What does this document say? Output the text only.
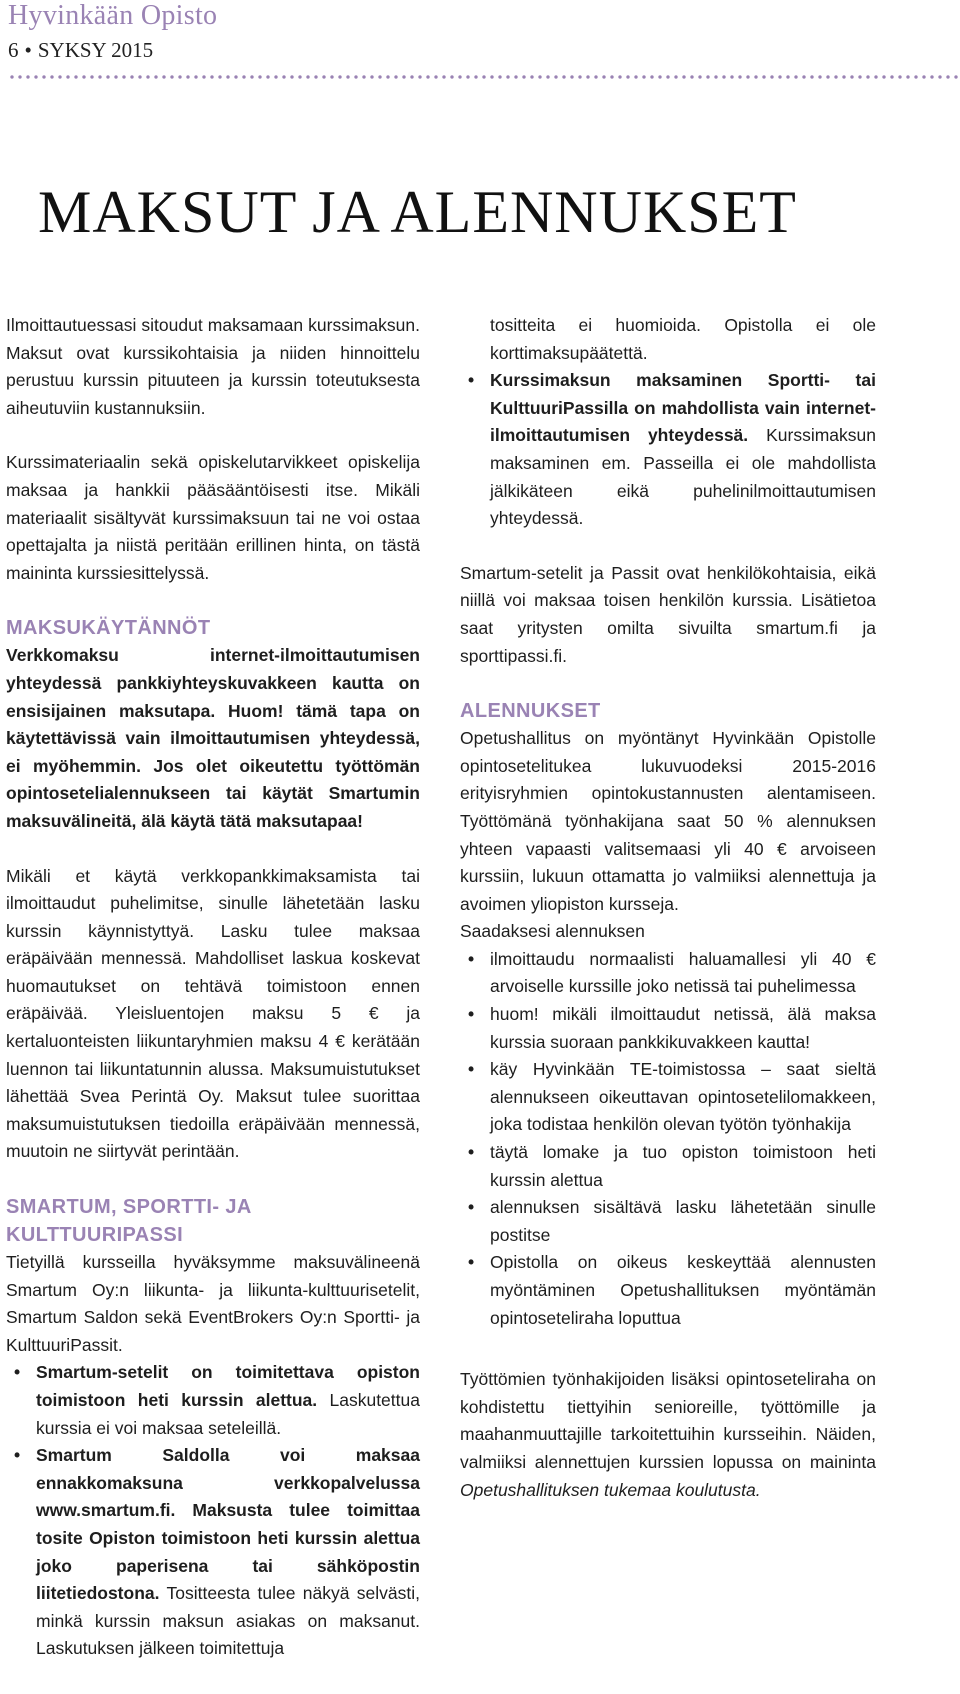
Hyvinkään Opisto
6 • SYKSY 2015
MAKSUT JA ALENNUKSET

Ilmoittautuessasi sitoudut maksamaan kurssimaksun. Maksut ovat kurssikohtaisia ja niiden hinnoittelu perustuu kurssin pituuteen ja kurssin toteutuksesta aiheutuviin kustannuksiin.

Kurssimateriaalin sekä opiskelutarvikkeet opiskelija maksaa ja hankkii pääsääntöisesti itse. Mikäli materiaalit sisältyvät kurssimaksuun tai ne voi ostaa opettajalta ja niistä peritään erillinen hinta, on tästä maininta kurssiesittelyssä.

MAKSUKÄYTÄNNÖT

Verkkomaksu internet-ilmoittautumisen yhteydessä pankkiyhteyskuvakkeen kautta on ensisijainen maksutapa. Huom! tämä tapa on käytettävissä vain ilmoittautumisen yhteydessä, ei myöhemmin. Jos olet oikeutettu työttömän opintosetelialennukseen tai käytät Smartumin maksuvälineitä, älä käytä tätä maksutapaa!

Mikäli et käytä verkkopankkimaksamista tai ilmoittaudut puhelimitse, sinulle lähetetään lasku kurssin käynnistyttyä. Lasku tulee maksaa eräpäivään mennessä. Mahdolliset laskua koskevat huomautukset on tehtävä toimistoon ennen eräpäivää. Yleisluentojen maksu 5 € ja kertaluonteisten liikuntaryhmien maksu 4 € kerätään luennon tai liikuntatunnin alussa. Maksumuistutukset lähettää Svea Perintä Oy. Maksut tulee suorittaa maksumuistutuksen tiedoilla eräpäivään mennessä, muutoin ne siirtyvät perintään.

SMARTUM, SPORTTI- JA
KULTTUURIPASSI

Tietyillä kursseilla hyväksymme maksuvälineenä Smartum Oy:n liikunta- ja liikunta-kulttuurisetelit, Smartum Saldon sekä EventBrokers Oy:n Sportti- ja KulttuuriPassit.

• Smartum-setelit on toimitettava opiston toimistoon heti kurssin alettua. Laskutettua kurssia ei voi maksaa seteleillä.
• Smartum Saldolla voi maksaa ennakkomaksuna verkkopalvelussa www.smartum.fi. Maksusta tulee toimittaa tosite Opiston toimistoon heti kurssin alettua joko paperisena tai sähköpostin liitetiedostona. Tositteesta tulee näkyä selvästi, minkä kurssin maksun asiakas on maksanut. Laskutuksen jälkeen toimitettuja
tositteita ei huomioida. Opistolla ei ole korttimaksupäätettä.
• Kurssimaksun maksaminen Sportti- tai KulttuuriPassilla on mahdollista vain internet-ilmoittautumisen yhteydessä. Kurssimaksun maksaminen em. Passeilla ei ole mahdollista jälkikäteen eikä puhelinilmoittautumisen yhteydessä.

Smartum-setelit ja Passit ovat henkilökohtaisia, eikä niillä voi maksaa toisen henkilön kurssia. Lisätietoa saat yritysten omilta sivuilta smartum.fi ja sporttipassi.fi.

ALENNUKSET

Opetushallitus on myöntänyt Hyvinkään Opistolle opintosetelitukea lukuvuodeksi 2015-2016 erityisryhmien opintokustannusten alentamiseen. Työttömänä työnhakijana saat 50 % alennuksen yhteen vapaasti valitsemaasi yli 40 € arvoiseen kurssiin, lukuun ottamatta jo valmiiksi alennettuja ja avoimen yliopiston kursseja.

Saadaksesi alennuksen

• ilmoittaudu normaalisti haluamallesi yli 40 € arvoiselle kurssille joko netissä tai puhelimessa
• huom! mikäli ilmoittaudut netissä, älä maksa kurssia suoraan pankkikuvakkeen kautta!
• käy Hyvinkään TE-toimistossa – saat sieltä alennukseen oikeuttavan opintosetelilomakkeen, joka todistaa henkilön olevan työtön työnhakija
• täytä lomake ja tuo opiston toimistoon heti kurssin alettua
• alennuksen sisältävä lasku lähetetään sinulle postitse
• Opistolla on oikeus keskeyttää alennusten myöntäminen Opetushallituksen myöntämän opintoseteliraha loputtua

Työttömien työnhakijoiden lisäksi opintoseteliraha on kohdistettu tiettyihin senioreille, työttömille ja maahanmuuttajille tarkoitettuihin kursseihin. Näiden, valmiiksi alennettujen kurssien lopussa on maininta Opetushallituksen tukemaa koulutusta.
